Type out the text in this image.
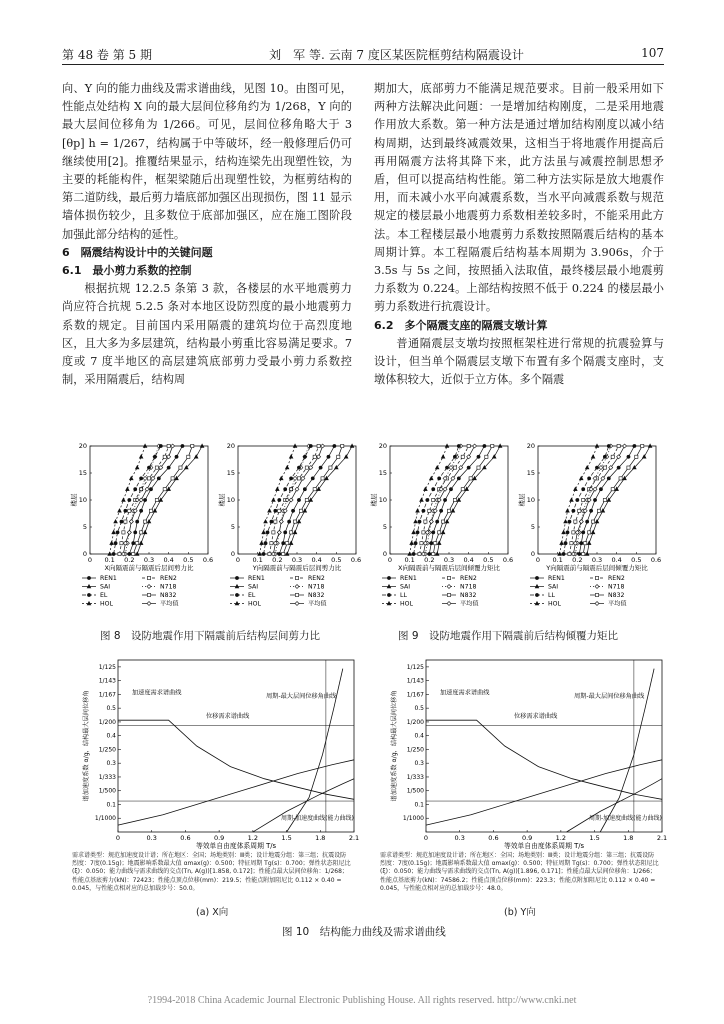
第 48 卷 第 5 期	刘　军 等. 云南 7 度区某医院框剪结构隔震设计	107

向、Y 向的能力曲线及需求谱曲线，见图 10。由图可见，性能点处结构 X 向的最大层间位移角约为 1/268，Y 向的最大层间位移角为 1/266。可见，层间位移角略大于 3 [θp] h = 1/267，结构属于中等破坏，经一般修理后仍可继续使用[2]。推覆结果显示，结构连梁先出现塑性铰，为主要的耗能构件，框架梁随后出现塑性铰，为框剪结构的第二道防线，最后剪力墙底部加强区出现损伤，图 11 显示墙体损伤较少，且多数位于底部加强区，应在施工图阶段加强此部分结构的延性。

6　隔震结构设计中的关键问题

6.1　最小剪力系数的控制

根据抗规 12.2.5 条第 3 款，各楼层的水平地震剪力尚应符合抗规 5.2.5 条对本地区设防烈度的最小地震剪力系数的规定。目前国内采用隔震的建筑均位于高烈度地区，且大多为多层建筑，结构最小剪重比容易满足要求。7 度或 7 度半地区的高层建筑底部剪力受最小剪力系数控制，采用隔震后，结构周

期加大，底部剪力不能满足规范要求。目前一般采用如下两种方法解决此问题：一是增加结构刚度，二是采用地震作用放大系数。第一种方法是通过增加结构刚度以减小结构周期，达到最终减震效果，这相当于将地震作用提高后再用隔震方法将其降下来，此方法虽与减震控制思想矛盾，但可以提高结构性能。第二种方法实际是放大地震作用，而未减小水平向减震系数，当水平向减震系数与规范规定的楼层最小地震剪力系数相差较多时，不能采用此方法。本工程楼层最小地震剪力系数按照隔震后结构的基本周期计算。本工程隔震后结构基本周期为 3.906s，介于 3.5s 与 5s 之间，按照插入法取值，最终楼层最小地震剪力系数为 0.224。上部结构按照不低于 0.224 的楼层最小剪力系数进行抗震设计。

6.2　多个隔震支座的隔震支墩计算

普通隔震层支墩均按照框架柱进行常规的抗震验算与设计，但当单个隔震层支墩下布置有多个隔震支座时，支墩体积较大，近似于立方体。多个隔震

0 0.1 0.2 0.3 0.4 0.5 0.6
0
5
10
15
20
楼层
X向隔震前与隔震后层间剪力比
REN1	REN2
SAI	N718
EL	N832
HOL	平均值
0 0.1 0.2 0.3 0.4 0.5 0.6
0
5
10
15
20
楼层
Y向隔震前与隔震后层间剪力比
REN1	REN2
SAI	N718
EL	N832
HOL	平均值
0 0.1 0.2 0.3 0.4 0.5 0.6
0
5
10
15
20
楼层
X向隔震前与隔震后层间倾覆力矩比
REN1	REN2
SAI	N718
LL	N832
HOL	平均值
0 0.1 0.2 0.3 0.4 0.5 0.6
0
5
10
15
20
楼层
Y向隔震前与隔震后层间倾覆力矩比
REN1	REN2
SAI	N718
LL	N832
HOL	平均值
图 8　设防地震作用下隔震前后结构层间剪力比	图 9　设防地震作用下隔震前后结构倾覆力矩比
1/1000
0.1
1/500
1/333
0.3
1/250
0.4
1/200
0.5
1/167
1/143
1/125
0	0.3	0.6	0.9	1.2	1.5	1.8	2.1
谱加速度系数 α/g，结构最大层间位移角
等效单自由度体系周期 T/s
加速度需求谱曲线	周期-最大层间位移角曲线
位移需求谱曲线
周期-加速度曲线(能力曲线)	1/1000
0.1
1/500
1/333
0.3
1/250
0.4
1/200
0.5
1/167
1/143
1/125
0	0.3	0.6	0.9	1.2	1.5	1.8	2.1
谱加速度系数 α/g，结构最大层间位移角
等效单自由度体系周期 T/s
加速度需求谱曲线	周期-最大层间位移角曲线
位移需求谱曲线
周期-加速度曲线(能力曲线)
需求谱类型：规范加速度设计谱；所在地区：全国；场地类别：Ⅲ类；设计地震分组：第三组；抗震设防烈度：7度(0.15g)；地震影响系数最大值 αmax(g)：0.500；特征周期 Tg(s)：0.700；弹性状态阻尼比(ξ)：0.050；能力曲线与需求曲线的交点(Tn, A(g))[1.858, 0.172]；性能点最大层间位移角：1/268；性能点基底剪力(kN)：72423；性能点顶点位移(mm)：219.5；性能点附加阻尼比 0.112 × 0.40 = 0.045，与性能点相对应的总加载步号：50.0。
需求谱类型：规范加速度设计谱；所在地区：全国；场地类别：Ⅲ类；设计地震分组：第三组；抗震设防烈度：7度(0.15g)；地震影响系数最大值 αmax(g)：0.500；特征周期 Tg(s)：0.700；弹性状态阻尼比(ξ)：0.050；能力曲线与需求曲线的交点(Tn, A(g))[1.896, 0.171]；性能点最大层间位移角：1/266；性能点基底剪力(kN)：74586.2；性能点顶点位移(mm)：223.3；性能点附加阻尼比 0.112 × 0.40 = 0.045，与性能点相对应的总加载步号：48.0。
(a) X向	(b) Y向
图 10　结构能力曲线及需求谱曲线
?1994-2018 China Academic Journal Electronic Publishing House. All rights reserved. http://www.cnki.net
